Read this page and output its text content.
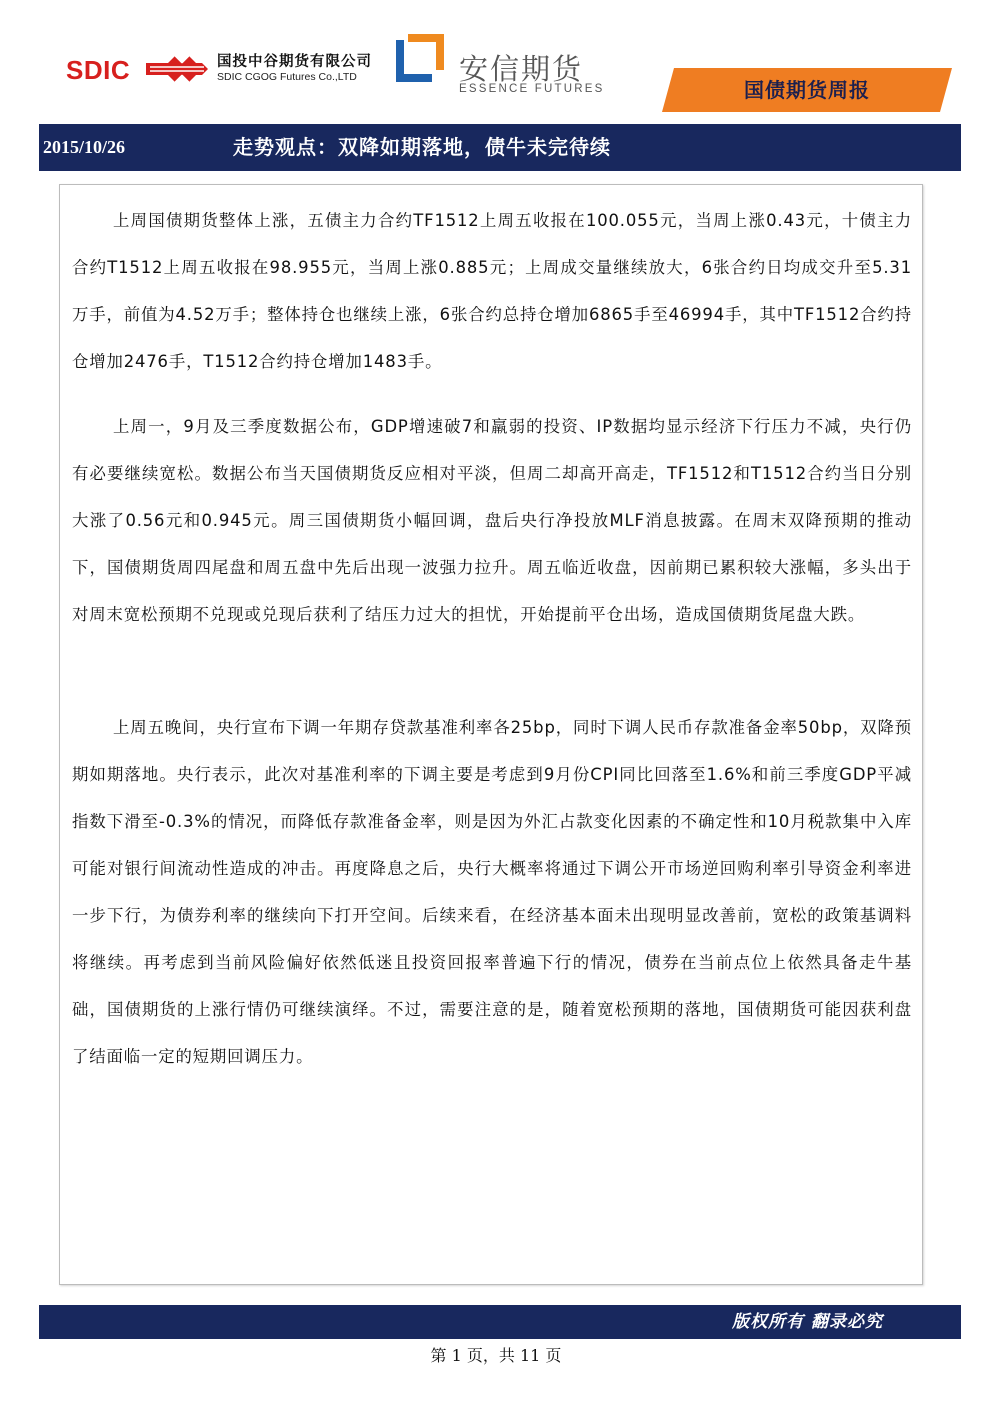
SDIC	国投中谷期货有限公司
SDIC CGOG Futures Co.,LTD	安信期货
ESSENCE FUTURES	国债期货周报
2015/10/26	走势观点：双降如期落地，债牛未完待续

上周国债期货整体上涨，五债主力合约TF1512上周五收报在100.055元，当周上涨0.43元，十债主力合约T1512上周五收报在98.955元，当周上涨0.885元；上周成交量继续放大，6张合约日均成交升至5.31万手，前值为4.52万手；整体持仓也继续上涨，6张合约总持仓增加6865手至46994手，其中TF1512合约持仓增加2476手，T1512合约持仓增加1483手。

上周一，9月及三季度数据公布，GDP增速破7和羸弱的投资、IP数据均显示经济下行压力不减，央行仍有必要继续宽松。数据公布当天国债期货反应相对平淡，但周二却高开高走，TF1512和T1512合约当日分别大涨了0.56元和0.945元。周三国债期货小幅回调，盘后央行净投放MLF消息披露。在周末双降预期的推动下，国债期货周四尾盘和周五盘中先后出现一波强力拉升。周五临近收盘，因前期已累积较大涨幅，多头出于对周末宽松预期不兑现或兑现后获利了结压力过大的担忧，开始提前平仓出场，造成国债期货尾盘大跌。

上周五晚间，央行宣布下调一年期存贷款基准利率各25bp，同时下调人民币存款准备金率50bp，双降预期如期落地。央行表示，此次对基准利率的下调主要是考虑到9月份CPI同比回落至1.6%和前三季度GDP平减指数下滑至-0.3%的情况，而降低存款准备金率，则是因为外汇占款变化因素的不确定性和10月税款集中入库可能对银行间流动性造成的冲击。再度降息之后，央行大概率将通过下调公开市场逆回购利率引导资金利率进一步下行，为债券利率的继续向下打开空间。后续来看，在经济基本面未出现明显改善前，宽松的政策基调料将继续。再考虑到当前风险偏好依然低迷且投资回报率普遍下行的情况，债券在当前点位上依然具备走牛基础，国债期货的上涨行情仍可继续演绎。不过，需要注意的是，随着宽松预期的落地，国债期货可能因获利盘了结面临一定的短期回调压力。

版权所有 翻录必究
第 1 页，共 11 页
